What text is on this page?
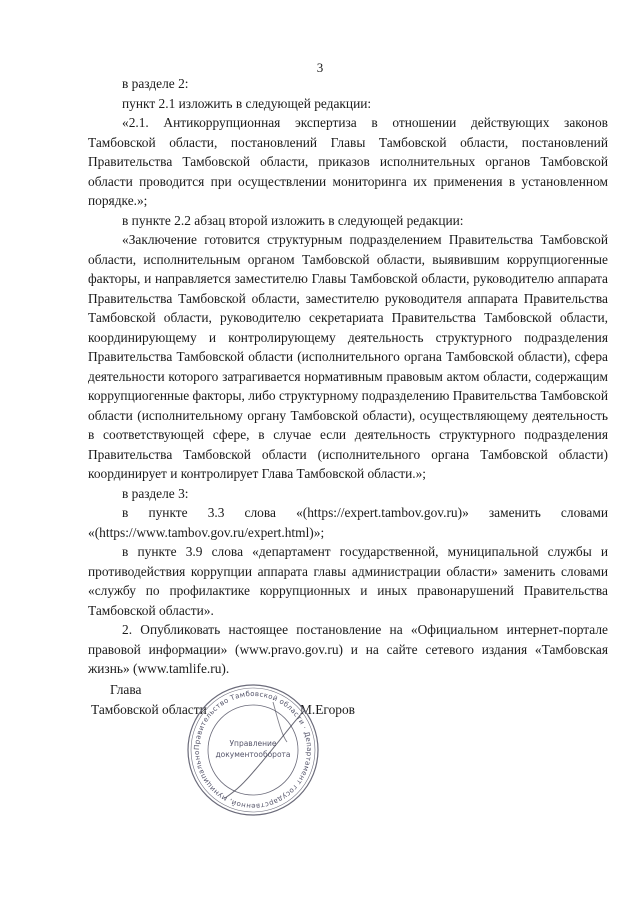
3

в разделе 2:

пункт 2.1 изложить в следующей редакции:

«2.1. Антикоррупционная экспертиза в отношении действующих законов Тамбовской области, постановлений Главы Тамбовской области, постановлений Правительства Тамбовской области, приказов исполнительных органов Тамбовской области проводится при осуществлении мониторинга их применения в установленном порядке.»;

в пункте 2.2 абзац второй изложить в следующей редакции:

«Заключение готовится структурным подразделением Правительства Тамбовской области, исполнительным органом Тамбовской области, выявившим коррупциогенные факторы, и направляется заместителю Главы Тамбовской области, руководителю аппарата Правительства Тамбовской области, заместителю руководителя аппарата Правительства Тамбовской области, руководителю секретариата Правительства Тамбовской области, координирующему и контролирующему деятельность структурного подразделения Правительства Тамбовской области (исполнительного органа Тамбовской области), сфера деятельности которого затрагивается нормативным правовым актом области, содержащим коррупциогенные факторы, либо структурному подразделению Правительства Тамбовской области (исполнительному органу Тамбовской области), осуществляющему деятельность в соответствующей сфере, в случае если деятельность структурного подразделения Правительства Тамбовской области (исполнительного органа Тамбовской области) координирует и контролирует Глава Тамбовской области.»;

в разделе 3:

в пункте 3.3 слова «(https://expert.tambov.gov.ru)» заменить словами «(https://www.tambov.gov.ru/expert.html)»;

в пункте 3.9 слова «департамент государственной, муниципальной службы и противодействия коррупции аппарата главы администрации области» заменить словами «службу по профилактике коррупционных и иных правонарушений Правительства Тамбовской области».

2. Опубликовать настоящее постановление на «Официальном интернет-портале правовой информации» (www.pravo.gov.ru) и на сайте сетевого издания «Тамбовская жизнь» (www.tamlife.ru).

Глава
Тамбовской области	М.Егоров
Правительство Тамбовской области · Департамент государственной, муниципально
Управление
документооборота
